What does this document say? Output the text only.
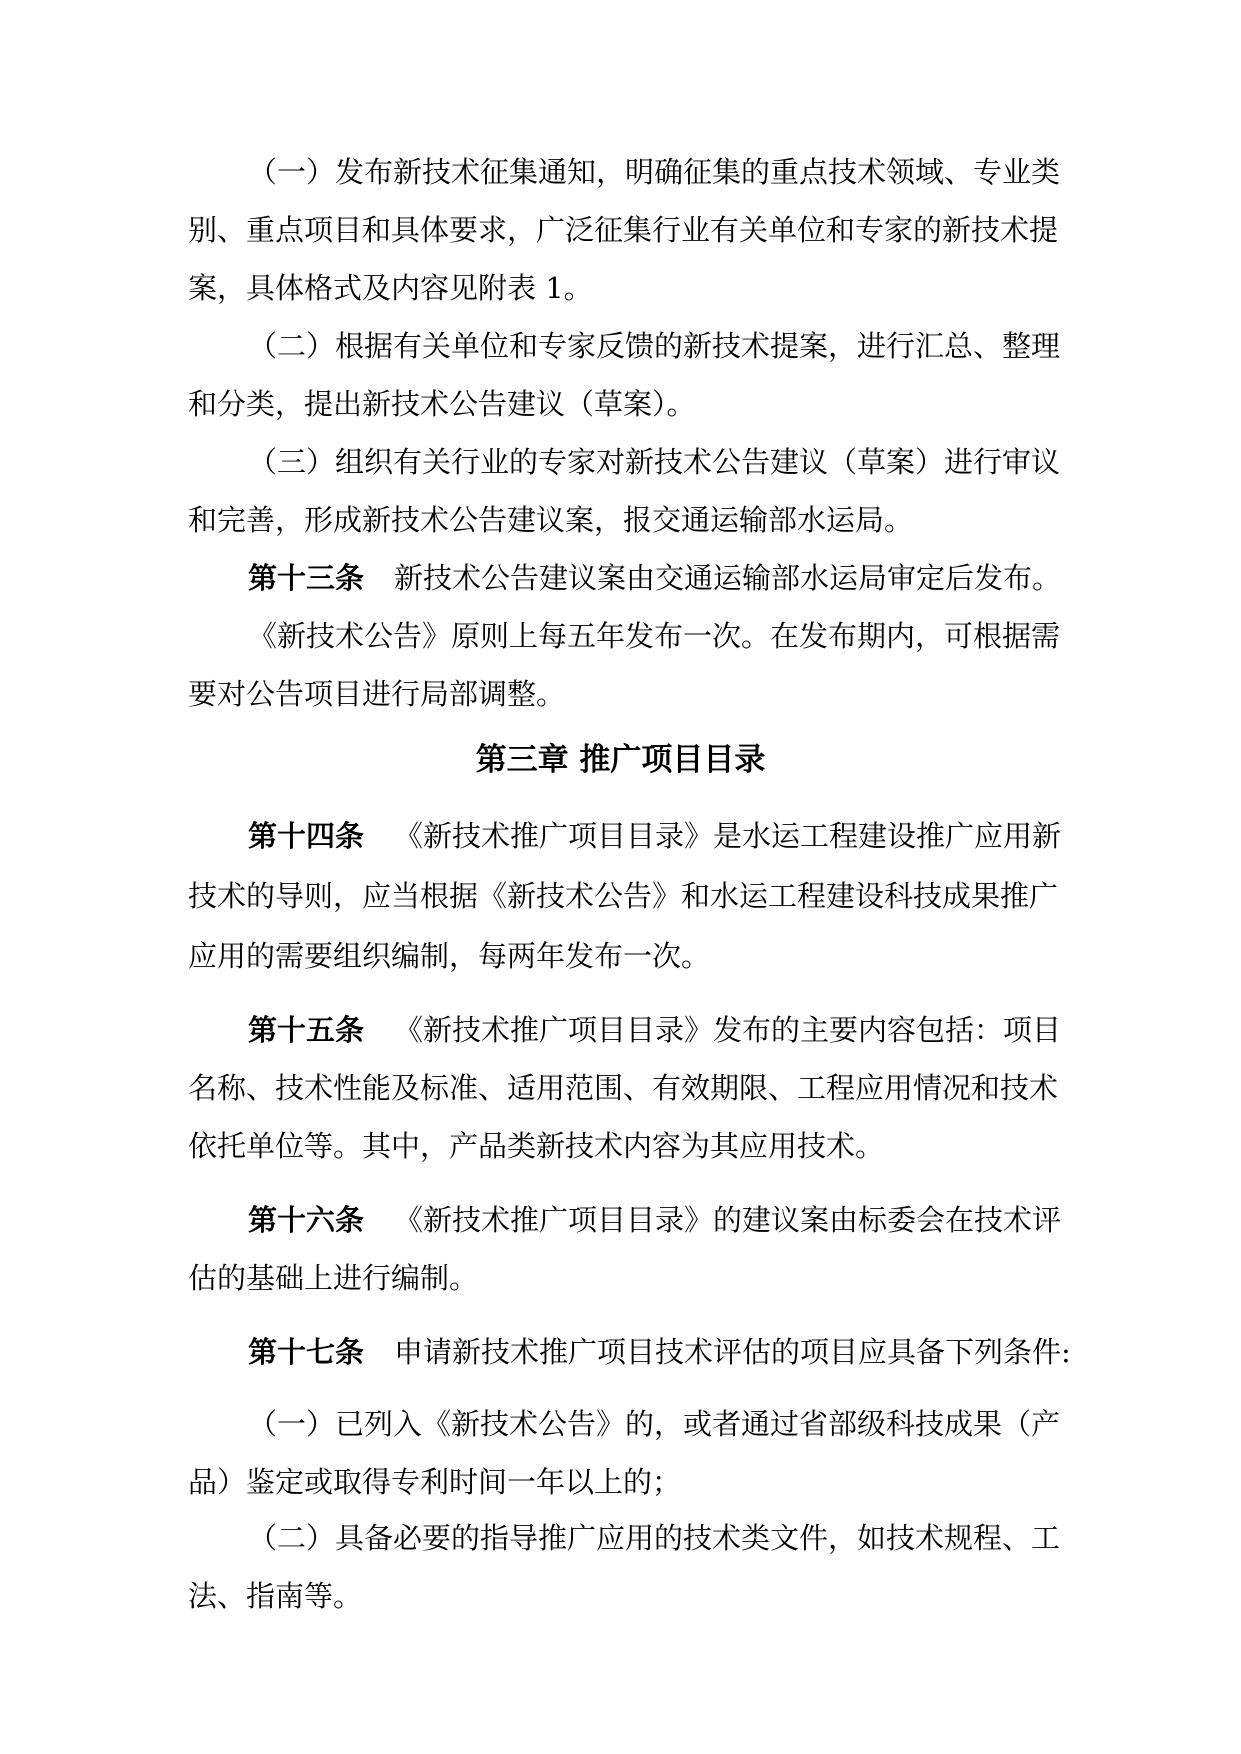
（一）发布新技术征集通知，明确征集的重点技术领域、专业类
别、重点项目和具体要求，广泛征集行业有关单位和专家的新技术提
案，具体格式及内容见附表 1。
（二）根据有关单位和专家反馈的新技术提案，进行汇总、整理
和分类，提出新技术公告建议（草案）。
（三）组织有关行业的专家对新技术公告建议（草案）进行审议
和完善，形成新技术公告建议案，报交通运输部水运局。
第十三条 新技术公告建议案由交通运输部水运局审定后发布。
《新技术公告》原则上每五年发布一次。在发布期内，可根据需
要对公告项目进行局部调整。
第三章 推广项目目录
第十四条 《新技术推广项目目录》是水运工程建设推广应用新
技术的导则，应当根据《新技术公告》和水运工程建设科技成果推广
应用的需要组织编制，每两年发布一次。
第十五条 《新技术推广项目目录》发布的主要内容包括：项目
名称、技术性能及标准、适用范围、有效期限、工程应用情况和技术
依托单位等。其中，产品类新技术内容为其应用技术。
第十六条 《新技术推广项目目录》的建议案由标委会在技术评
估的基础上进行编制。
第十七条 申请新技术推广项目技术评估的项目应具备下列条件:
（一）已列入《新技术公告》的，或者通过省部级科技成果（产
品）鉴定或取得专利时间一年以上的；
（二）具备必要的指导推广应用的技术类文件，如技术规程、工
法、指南等。
